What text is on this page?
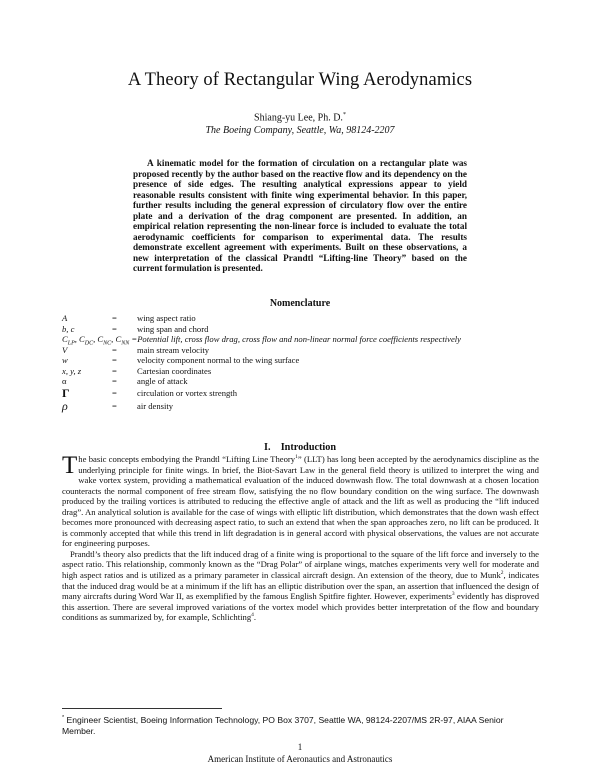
A Theory of Rectangular Wing Aerodynamics
Shiang-yu Lee, Ph. D.*
The Boeing Company, Seattle, Wa, 98124-2207

A kinematic model for the formation of circulation on a rectangular plate was proposed recently by the author based on the reactive flow and its dependency on the presence of side edges. The resulting analytical expressions appear to yield reasonable results consistent with finite wing experimental behavior. In this paper, further results including the general expression of circulatory flow over the entire plate and a derivation of the drag component are presented. In addition, an empirical relation representing the non-linear force is included to evaluate the total aerodynamic coefficients for comparison to experimental data. The results demonstrate excellent agreement with experiments. Built on these observations, a new interpretation of the classical Prandtl “Lifting-line Theory” based on the current formulation is presented.

Nomenclature
A	= wing aspect ratio
b, c	= wing span and chord
$C_{LP}$, $C_{DC}$, $C_{NC}$, $C_{NN}$ =Potential lift, cross flow drag, cross flow and non-linear normal force coefficients respectively
V	= main stream velocity
w	= velocity component normal to the wing surface
x, y, z	= Cartesian coordinates
α	= angle of attack
Γ	= circulation or vortex strength
ρ	= air density
I. Introduction

The basic concepts embodying the Prandtl “Lifting Line Theory$^1$” (LLT) has long been accepted by the aerodynamics discipline as the underlying principle for finite wings. In brief, the Biot-Savart Law in the general field theory is utilized to interpret the wing and wake vortex system, providing a mathematical evaluation of the induced downwash flow. The total downwash at a chosen location counteracts the normal component of free stream flow, satisfying the no flow boundary condition on the wing surface. The downwash produced by the trailing vortices is attributed to reducing the effective angle of attack and the lift as well as producing the “lift induced drag”. An analytical solution is available for the case of wings with elliptic lift distribution, which demonstrates that the down wash effect becomes more pronounced with decreasing aspect ratio, to such an extend that when the span approaches zero, no lift can be produced. It is commonly accepted that while this trend in lift degradation is in general accord with physical observations, the values are not accurate for engineering purposes.

Prandtl’s theory also predicts that the lift induced drag of a finite wing is proportional to the square of the lift force and inversely to the aspect ratio. This relationship, commonly known as the “Drag Polar” of airplane wings, matches experiments very well for moderate and high aspect ratios and is utilized as a primary parameter in classical aircraft design. An extension of the theory, due to Munk$^2$, indicates that the induced drag would be at a minimum if the lift has an elliptic distribution over the span, an assertion that influenced the design of many aircrafts during Word War II, as exemplified by the famous English Spitfire fighter. However, experiments$^3$ evidently has disproved this assertion. There are several improved variations of the vortex model which provides better interpretation of the flow and boundary conditions as summarized by, for example, Schlichting$^4$.

* Engineer Scientist, Boeing Information Technology, PO Box 3707, Seattle WA, 98124-2207/MS 2R-97, AIAA Senior Member.
1
American Institute of Aeronautics and Astronautics
